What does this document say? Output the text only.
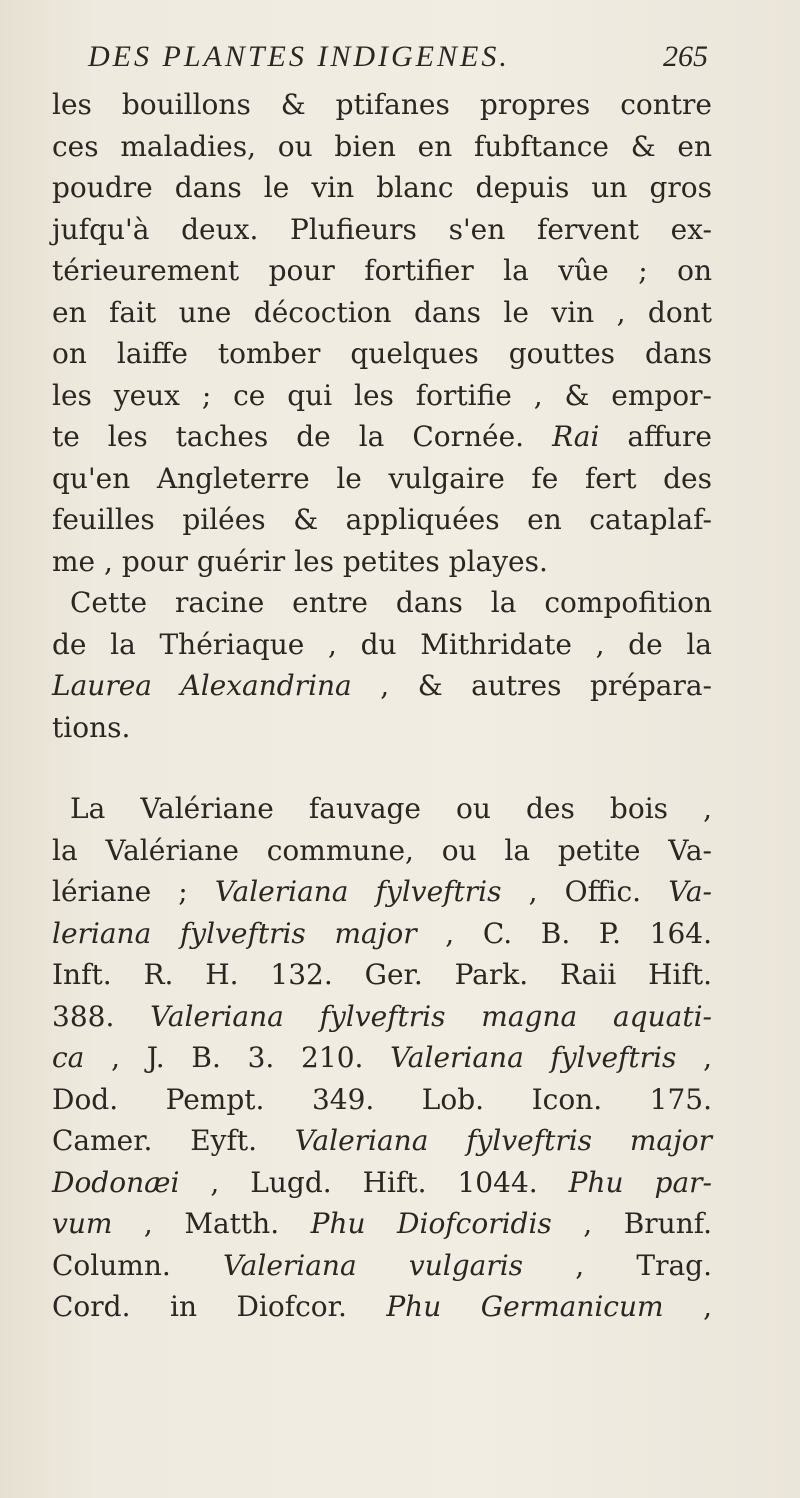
DES PLANTES INDIGENES.	265
les bouillons & ptifanes propres contre
ces maladies, ou bien en fubftance & en
poudre dans le vin blanc depuis un gros
jufqu'à deux. Plufieurs s'en fervent ex-
térieurement pour fortifier la vûe ; on
en fait une décoction dans le vin , dont
on laiffe tomber quelques gouttes dans
les yeux ; ce qui les fortifie , & empor-
te les taches de la Cornée. Rai affure
qu'en Angleterre le vulgaire fe fert des
feuilles pilées & appliquées en cataplaf-
me , pour guérir les petites playes.
Cette racine entre dans la compofition
de la Thériaque , du Mithridate , de la
Laurea Alexandrina , & autres prépara-
tions.
La Valériane fauvage ou des bois ,
la Valériane commune, ou la petite Va-
lériane ; Valeriana fylveftris , Offic. Va-
leriana fylveftris major , C. B. P. 164.
Inft. R. H. 132. Ger. Park. Raii Hift.
388. Valeriana fylveftris magna aquati-
ca , J. B. 3. 210. Valeriana fylveftris ,
Dod. Pempt. 349. Lob. Icon. 175.
Camer. Eyft. Valeriana fylveftris major
Dodonæi , Lugd. Hift. 1044. Phu par-
vum , Matth. Phu Diofcoridis , Brunf.
Column. Valeriana vulgaris , Trag.
Cord. in Diofcor. Phu Germanicum ,
